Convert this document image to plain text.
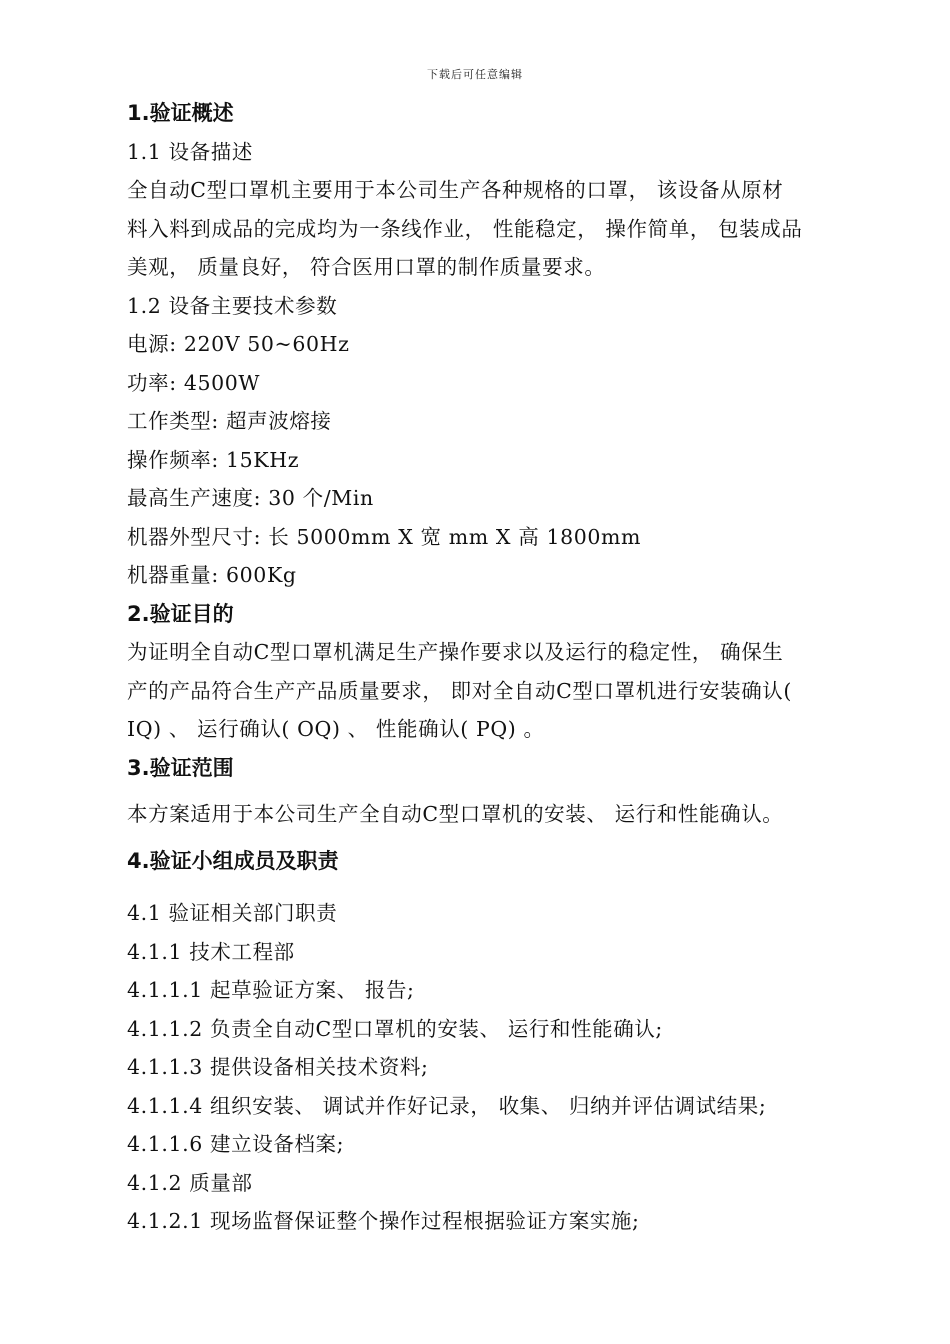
下载后可任意编辑
1.验证概述
1.1 设备描述
全自动C型口罩机主要用于本公司生产各种规格的口罩， 该设备从原材
料入料到成品的完成均为一条线作业， 性能稳定， 操作简单， 包装成品
美观， 质量良好， 符合医用口罩的制作质量要求。
1.2 设备主要技术参数
电源: 220V 50~60Hz
功率: 4500W
工作类型: 超声波熔接
操作频率: 15KHz
最高生产速度: 30 个/Min
机器外型尺寸: 长 5000mm X 宽 mm X 高 1800mm
机器重量: 600Kg
2.验证目的
为证明全自动C型口罩机满足生产操作要求以及运行的稳定性， 确保生
产的产品符合生产产品质量要求， 即对全自动C型口罩机进行安装确认(
IQ) 、 运行确认( OQ) 、 性能确认( PQ) 。
3.验证范围
本方案适用于本公司生产全自动C型口罩机的安装、 运行和性能确认。
4.验证小组成员及职责
4.1 验证相关部门职责
4.1.1 技术工程部
4.1.1.1 起草验证方案、 报告;
4.1.1.2 负责全自动C型口罩机的安装、 运行和性能确认;
4.1.1.3 提供设备相关技术资料;
4.1.1.4 组织安装、 调试并作好记录， 收集、 归纳并评估调试结果;
4.1.1.6 建立设备档案;
4.1.2 质量部
4.1.2.1 现场监督保证整个操作过程根据验证方案实施;
